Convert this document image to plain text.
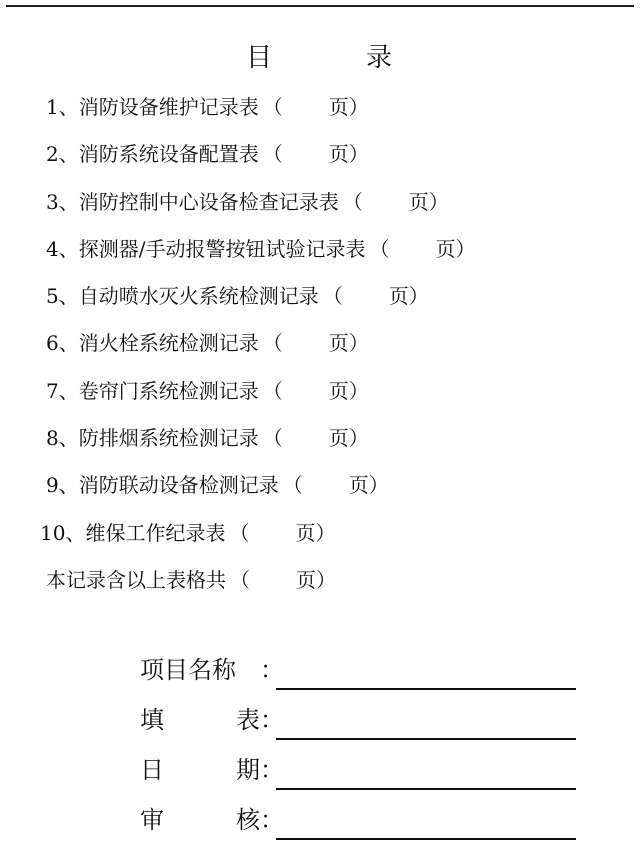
目	录
1、消防设备维护记录表 （ 页）
2、消防系统设备配置表 （ 页）
3、消防控制中心设备检查记录表 （ 页）
4、探测器/手动报警按钮试验记录表 （ 页）
5、自动喷水灭火系统检测记录 （ 页）
6、消火栓系统检测记录 （ 页）
7、卷帘门系统检测记录 （ 页）
8、防排烟系统检测记录 （ 页）
9、消防联动设备检测记录 （ 页）
10、维保工作纪录表 （ 页）
本记录含以上表格共 （ 页）
项目名称	：
填	表 ：
日	期 ：
审	核 ：
